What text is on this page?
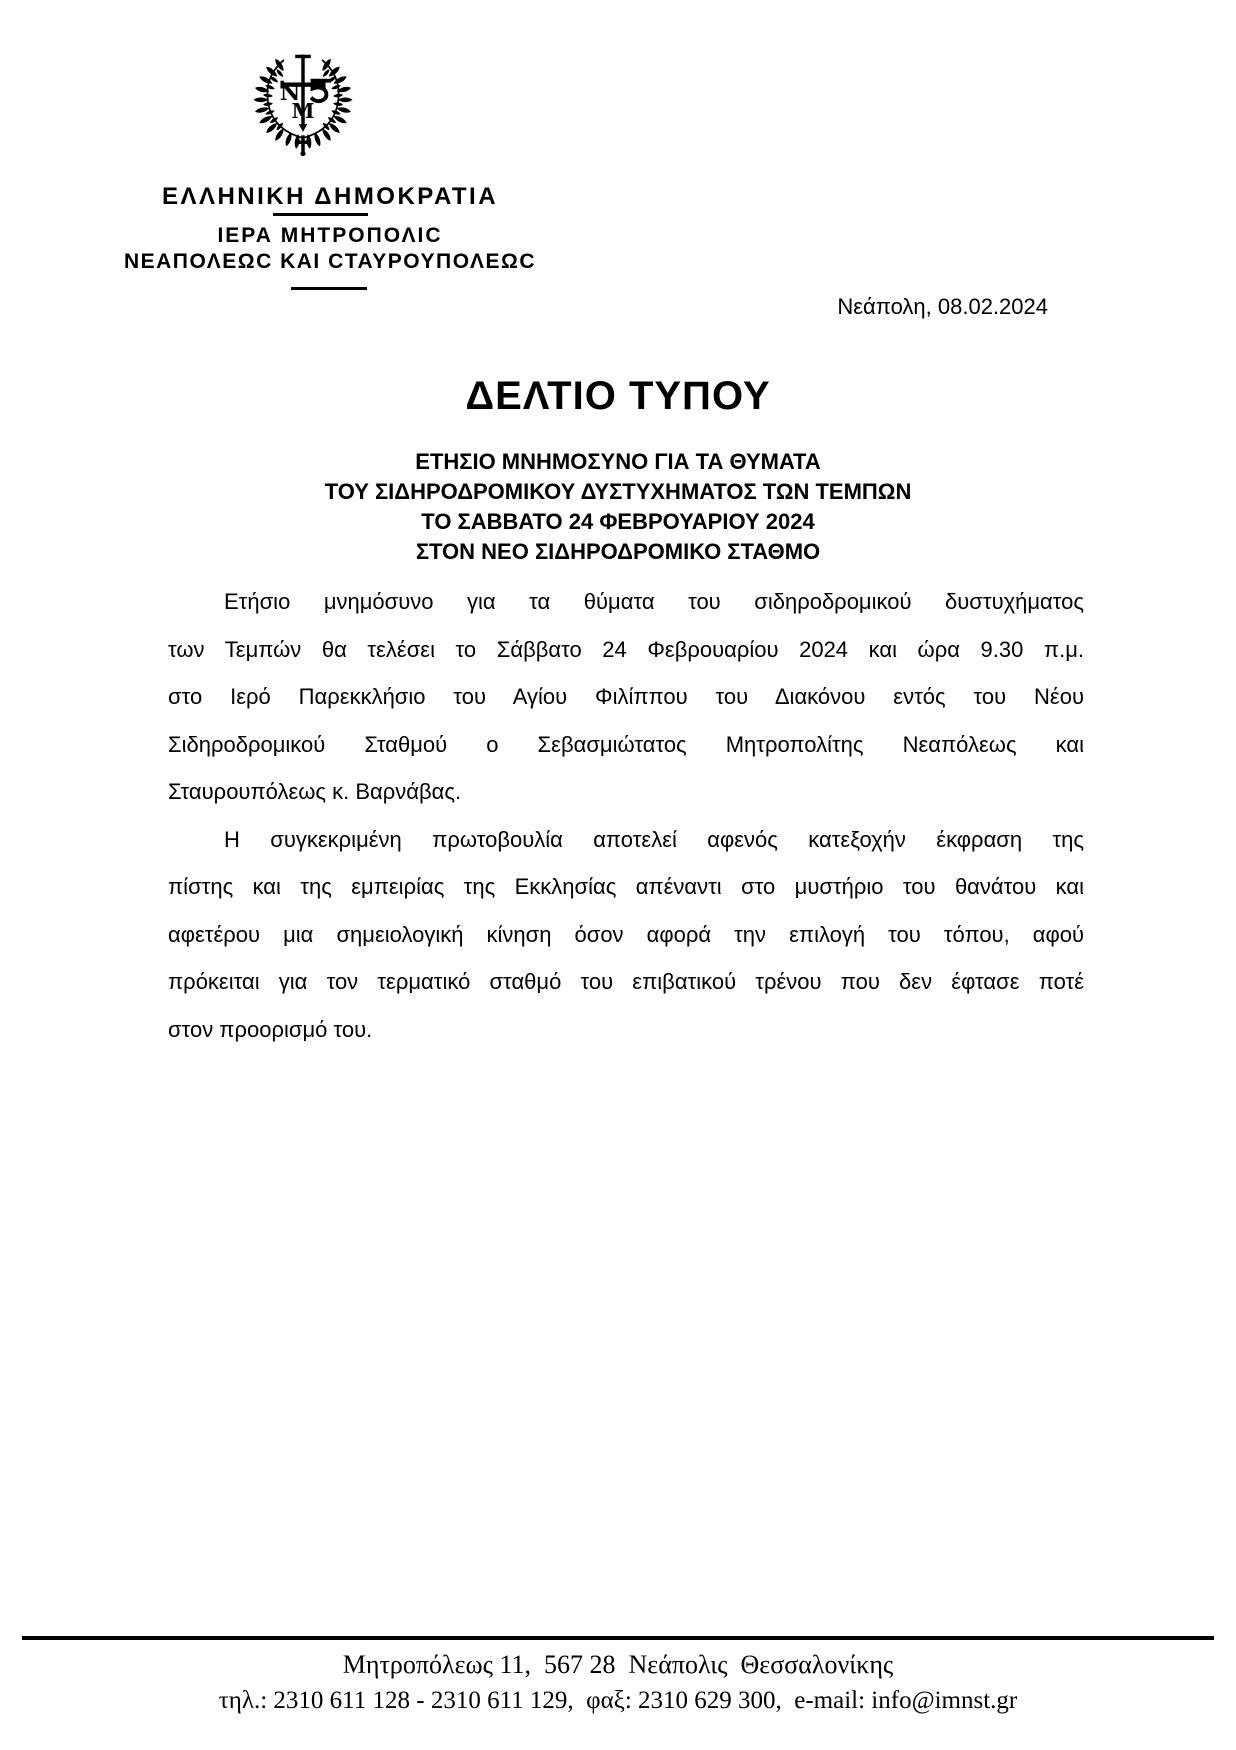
Ν
Μ
ΕΛΛΗΝΙΚΗ ΔΗΜΟΚΡΑΤΙΑ
ΙΕΡΑ ΜΗΤΡΟΠΟΛΙC
ΝΕΑΠΟΛΕΩC ΚΑΙ CΤΑΥΡΟΥΠΟΛΕΩC
Νεάπολη, 08.02.2024
ΔΕΛΤΙΟ ΤΥΠΟΥ
ΕΤΗΣΙΟ ΜΝΗΜΟΣΥΝΟ ΓΙΑ ΤΑ ΘΥΜΑΤΑ
ΤΟΥ ΣΙΔΗΡΟΔΡΟΜΙΚΟΥ ΔΥΣΤΥΧΗΜΑΤΟΣ ΤΩΝ ΤΕΜΠΩΝ
ΤΟ ΣΑΒΒΑΤΟ 24 ΦΕΒΡΟΥΑΡΙΟΥ 2024
ΣΤΟΝ ΝΕΟ ΣΙΔΗΡΟΔΡΟΜΙΚΟ ΣΤΑΘΜΟ
Ετήσιο μνημόσυνο για τα θύματα του σιδηροδρομικού δυστυχήματος
των Τεμπών θα τελέσει το Σάββατο 24 Φεβρουαρίου 2024 και ώρα 9.30 π.μ.
στο Ιερό Παρεκκλήσιο του Αγίου Φιλίππου του Διακόνου εντός του Νέου
Σιδηροδρομικού Σταθμού ο Σεβασμιώτατος Μητροπολίτης Νεαπόλεως και
Σταυρουπόλεως κ. Βαρνάβας.
Η συγκεκριμένη πρωτοβουλία αποτελεί αφενός κατεξοχήν έκφραση της
πίστης και της εμπειρίας της Εκκλησίας απέναντι στο μυστήριο του θανάτου και
αφετέρου μια σημειολογική κίνηση όσον αφορά την επιλογή του τόπου, αφού
πρόκειται για τον τερματικό σταθμό του επιβατικού τρένου που δεν έφτασε ποτέ
στον προορισμό του.
Μητροπόλεως 11,  567 28  Νεάπολις  Θεσσαλονίκης
τηλ.: 2310 611 128 - 2310 611 129,  φαξ: 2310 629 300,  e-mail: info@imnst.gr
